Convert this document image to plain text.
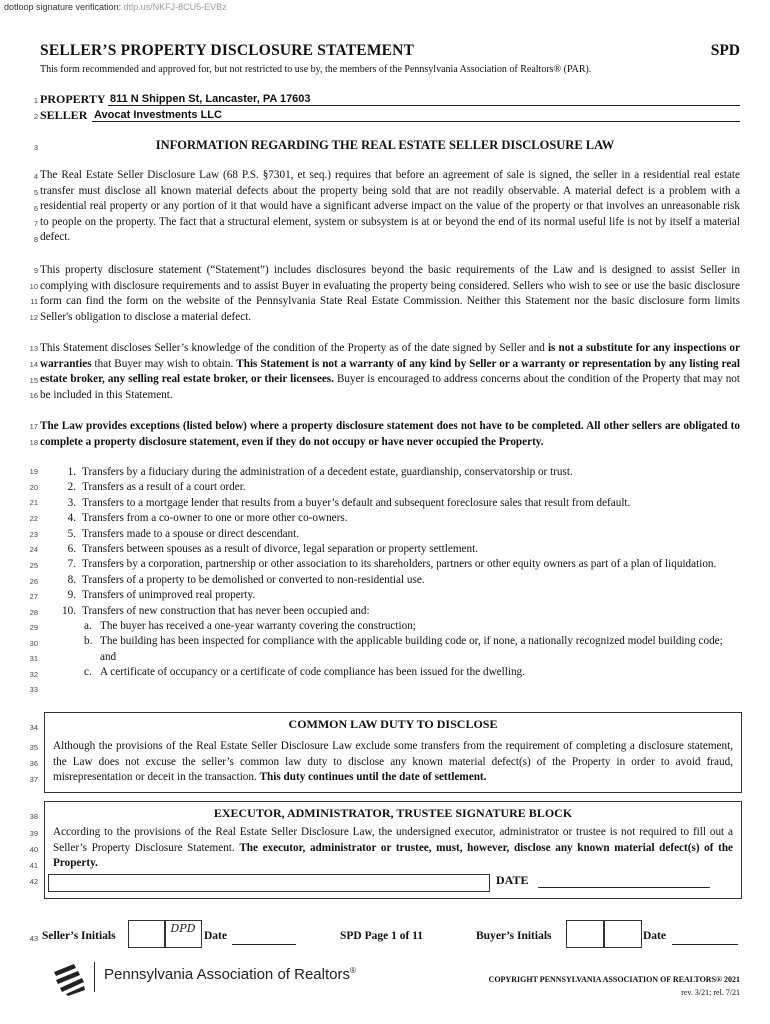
dotloop signature verification: dtlp.us/NKFJ-8CU5-EVBz
SELLER’S PROPERTY DISCLOSURE STATEMENT	SPD
This form recommended and approved for, but not restricted to use by, the members of the Pennsylvania Association of Realtors® (PAR).
1
2
3
4
5
6
7
8
9
10
11
12
13
14
15
16
17
18
19
20
21
22
23
24
25
26
27
28
29
30
31
32
33
34
35
36
37
38
39
40
41
42
43
PROPERTY 811 N Shippen St, Lancaster, PA 17603
SELLER Avocat Investments LLC
INFORMATION REGARDING THE REAL ESTATE SELLER DISCLOSURE LAW

The Real Estate Seller Disclosure Law (68 P.S. §7301, et seq.) requires that before an agreement of sale is signed, the seller in a residential real estate transfer must disclose all known material defects about the property being sold that are not readily observable. A material defect is a problem with a residential real property or any portion of it that would have a significant adverse impact on the value of the property or that involves an unreasonable risk to people on the property. The fact that a structural element, system or subsystem is at or beyond the end of its normal useful life is not by itself a material defect.

This property disclosure statement (“Statement”) includes disclosures beyond the basic requirements of the Law and is designed to assist Seller in complying with disclosure requirements and to assist Buyer in evaluating the property being considered. Sellers who wish to see or use the basic disclosure form can find the form on the website of the Pennsylvania State Real Estate Commission. Neither this Statement nor the basic disclosure form limits Seller's obligation to disclose a material defect.

This Statement discloses Seller’s knowledge of the condition of the Property as of the date signed by Seller and is not a substitute for any inspections or warranties that Buyer may wish to obtain. This Statement is not a warranty of any kind by Seller or a warranty or representation by any listing real estate broker, any selling real estate broker, or their licensees. Buyer is encouraged to address concerns about the condition of the Property that may not be included in this Statement.

The Law provides exceptions (listed below) where a property disclosure statement does not have to be completed. All other sellers are obligated to complete a property disclosure statement, even if they do not occupy or have never occupied the Property.

1. Transfers by a fiduciary during the administration of a decedent estate, guardianship, conservatorship or trust.
2. Transfers as a result of a court order.
3. Transfers to a mortgage lender that results from a buyer’s default and subsequent foreclosure sales that result from default.
4. Transfers from a co-owner to one or more other co-owners.
5. Transfers made to a spouse or direct descendant.
6. Transfers between spouses as a result of divorce, legal separation or property settlement.
7. Transfers by a corporation, partnership or other association to its shareholders, partners or other equity owners as part of a plan of liquidation.
8. Transfers of a property to be demolished or converted to non-residential use.
9. Transfers of unimproved real property.
10. Transfers of new construction that has never been occupied and:
a. The buyer has received a one-year warranty covering the construction;
b. The building has been inspected for compliance with the applicable building code or, if none, a nationally recognized model building code; and
c. A certificate of occupancy or a certificate of code compliance has been issued for the dwelling.
COMMON LAW DUTY TO DISCLOSE
Although the provisions of the Real Estate Seller Disclosure Law exclude some transfers from the requirement of completing a disclosure statement, the Law does not excuse the seller’s common law duty to disclose any known material defect(s) of the Property in order to avoid fraud, misrepresentation or deceit in the transaction. This duty continues until the date of settlement.
EXECUTOR, ADMINISTRATOR, TRUSTEE SIGNATURE BLOCK
According to the provisions of the Real Estate Seller Disclosure Law, the undersigned executor, administrator or trustee is not required to fill out a Seller’s Property Disclosure Statement. The executor, administrator or trustee, must, however, disclose any known material defect(s) of the Property.
DATE
Seller’s Initials
DPD
Date	SPD Page 1 of 11	Buyer’s Initials	Date
Pennsylvania Association of Realtors®
COPYRIGHT PENNSYLVANIA ASSOCIATION OF REALTORS® 2021
rev. 3/21; rel. 7/21
